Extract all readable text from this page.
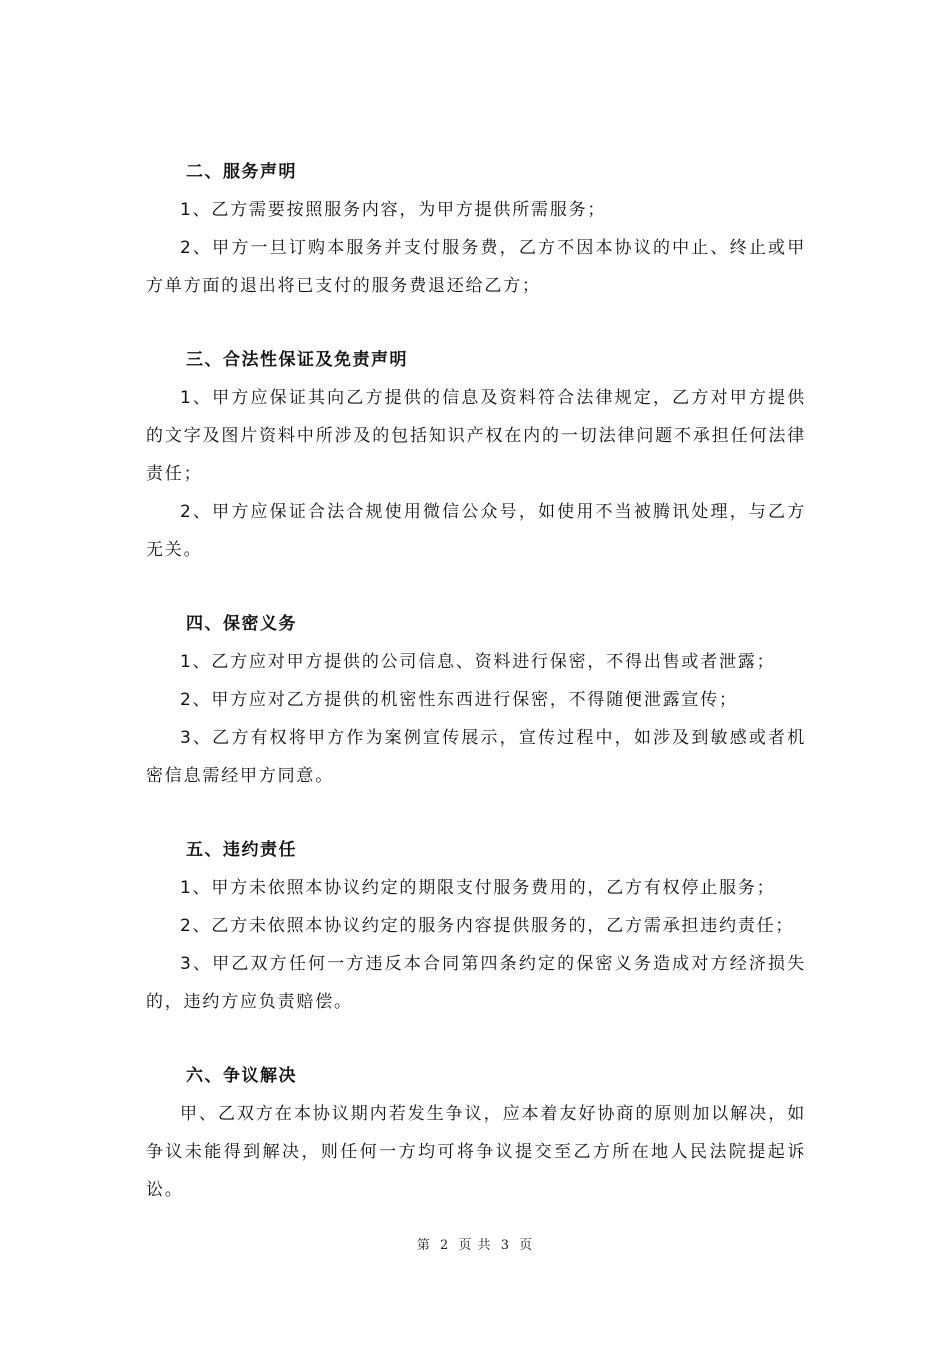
二、服务声明

1、乙方需要按照服务内容，为甲方提供所需服务；

2、甲方一旦订购本服务并支付服务费，乙方不因本协议的中止、终止或甲方单方面的退出将已支付的服务费退还给乙方；

三、合法性保证及免责声明

1、甲方应保证其向乙方提供的信息及资料符合法律规定，乙方对甲方提供的文字及图片资料中所涉及的包括知识产权在内的一切法律问题不承担任何法律责任；

2、甲方应保证合法合规使用微信公众号，如使用不当被腾讯处理，与乙方无关。

四、保密义务

1、乙方应对甲方提供的公司信息、资料进行保密，不得出售或者泄露；

2、甲方应对乙方提供的机密性东西进行保密，不得随便泄露宣传；

3、乙方有权将甲方作为案例宣传展示，宣传过程中，如涉及到敏感或者机密信息需经甲方同意。

五、违约责任

1、甲方未依照本协议约定的期限支付服务费用的，乙方有权停止服务；

2、乙方未依照本协议约定的服务内容提供服务的，乙方需承担违约责任；

3、甲乙双方任何一方违反本合同第四条约定的保密义务造成对方经济损失的，违约方应负责赔偿。

六、争议解决

甲、乙双方在本协议期内若发生争议，应本着友好协商的原则加以解决，如争议未能得到解决，则任何一方均可将争议提交至乙方所在地人民法院提起诉讼。

第 2 页 共 3 页
